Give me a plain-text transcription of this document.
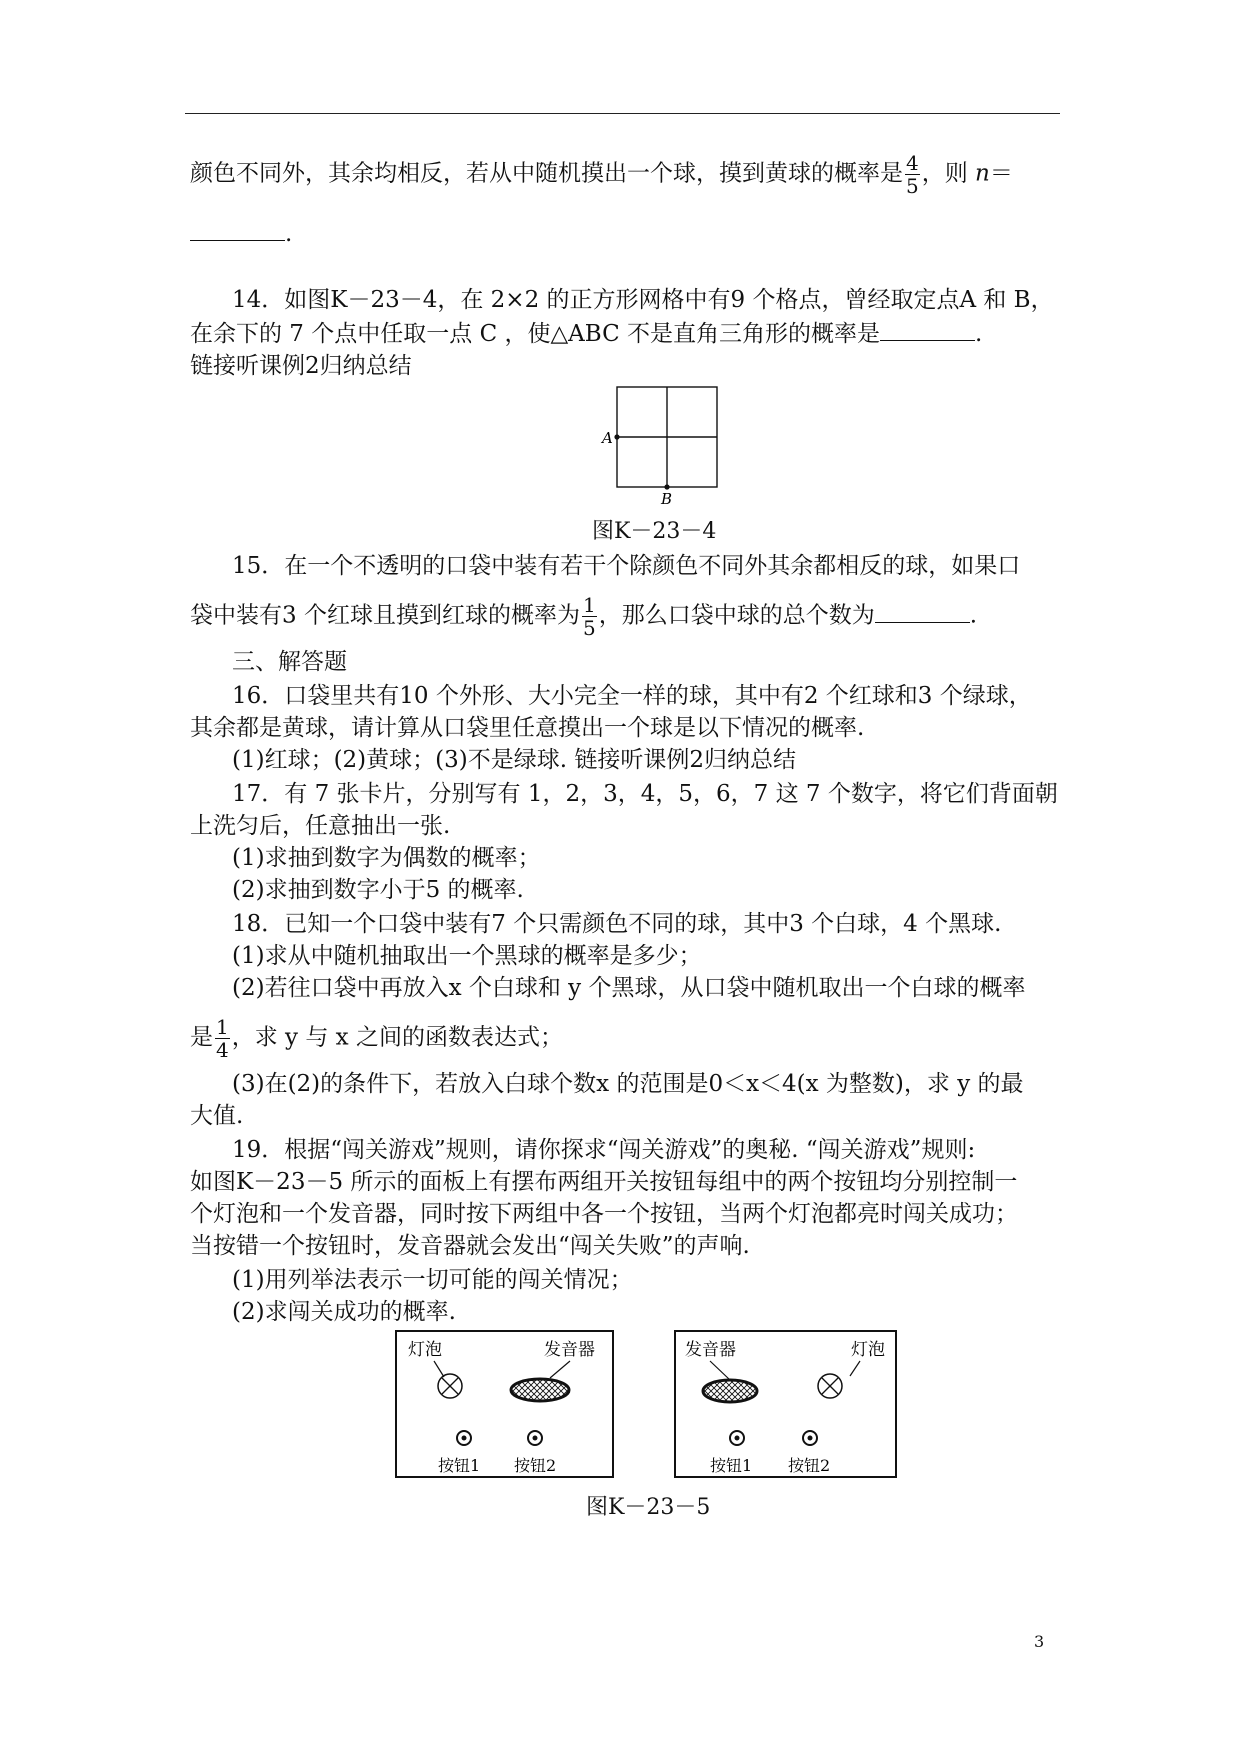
颜色不同外，其余均相反，若从中随机摸出一个球，摸到黄球的概率是 $\frac{4}{5}$ ，则 n＝
.
14．如图K－23－4，在 2×2 的正方形网格中有9 个格点，曾经取定点A 和 B，
在余下的 7 个点中任取一点 C ，使△ABC 不是直角三角形的概率是	.
链接听课例2归纳总结
A
B
图K－23－4
15．在一个不透明的口袋中装有若干个除颜色不同外其余都相反的球，如果口
袋中装有3 个红球且摸到红球的概率为 $\frac{1}{5}$ ，那么口袋中球的总个数为	.
三、解答题
16．口袋里共有10 个外形、大小完全一样的球，其中有2 个红球和3 个绿球，
其余都是黄球，请计算从口袋里任意摸出一个球是以下情况的概率.
(1)红球；(2)黄球；(3)不是绿球. 链接听课例2归纳总结
17．有 7 张卡片，分别写有 1，2，3，4，5，6，7 这 7 个数字，将它们背面朝
上洗匀后，任意抽出一张.
(1)求抽到数字为偶数的概率；
(2)求抽到数字小于5 的概率.
18．已知一个口袋中装有7 个只需颜色不同的球，其中3 个白球，4 个黑球.
(1)求从中随机抽取出一个黑球的概率是多少；
(2)若往口袋中再放入x 个白球和 y 个黑球，从口袋中随机取出一个白球的概率
是 $\frac{1}{4}$ ，求 y 与 x 之间的函数表达式；
(3)在(2)的条件下，若放入白球个数x 的范围是0＜x＜4(x 为整数)，求 y 的最
大值.
19．根据“闯关游戏”规则，请你探求“闯关游戏”的奥秘. “闯关游戏”规则:
如图K－23－5 所示的面板上有摆布两组开关按钮每组中的两个按钮均分别控制一
个灯泡和一个发音器，同时按下两组中各一个按钮，当两个灯泡都亮时闯关成功；
当按错一个按钮时，发音器就会发出“闯关失败”的声响.
(1)用列举法表示一切可能的闯关情况；
(2)求闯关成功的概率.
灯泡	发音器
按钮1 按钮2
发音器	灯泡
按钮1 按钮2
图K－23－5
3
